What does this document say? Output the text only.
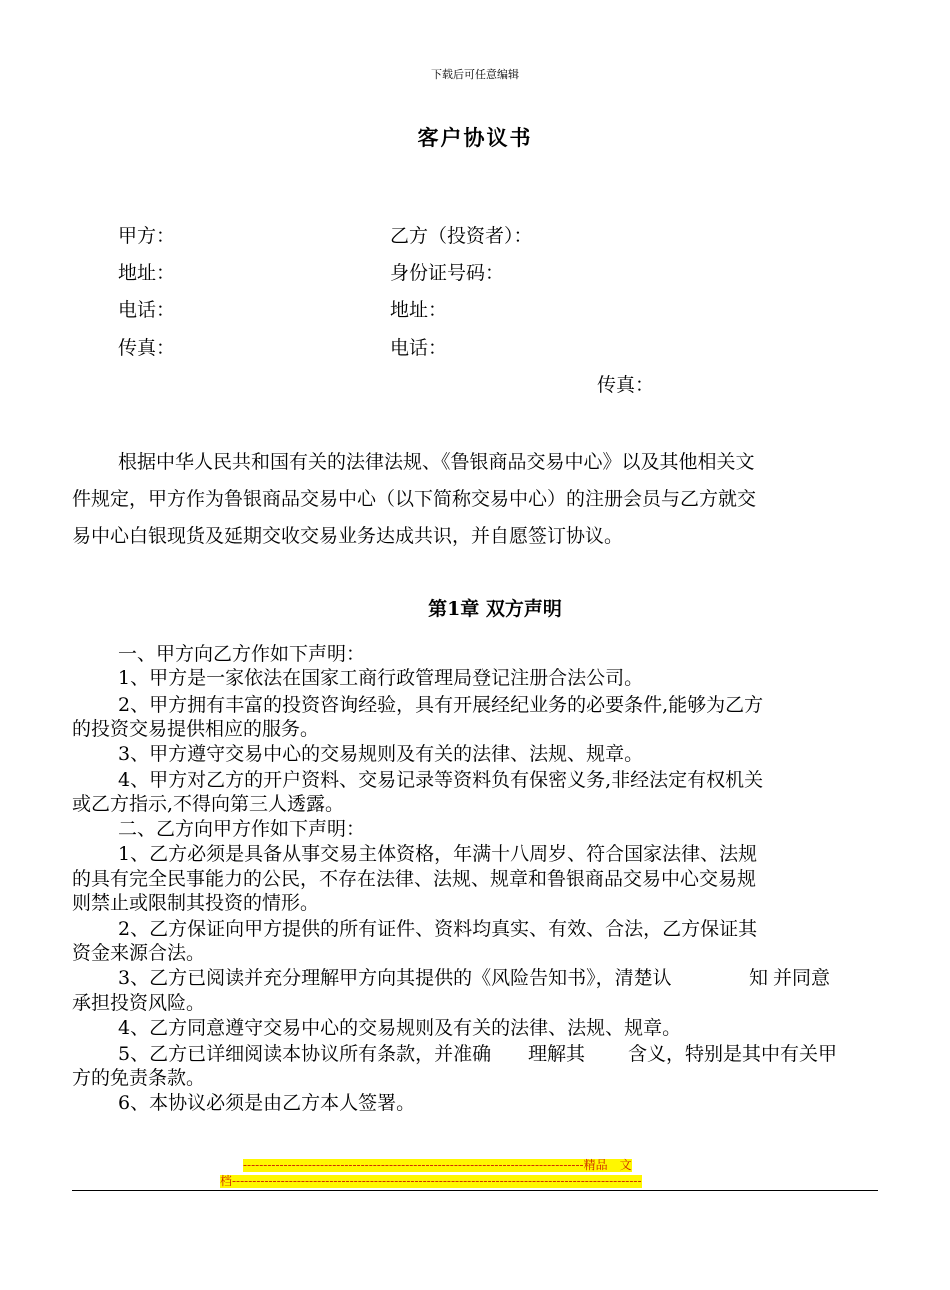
下载后可任意编辑
客户协议书
甲方：
地址：
电话：
传真：
乙方（投资者）：
身份证号码：
地址：
电话：
传真：
根据中华人民共和国有关的法律法规、《鲁银商品交易中心》以及其他相关文
件规定，甲方作为鲁银商品交易中心（以下简称交易中心）的注册会员与乙方就交
易中心白银现货及延期交收交易业务达成共识，并自愿签订协议。
第1章 双方声明
一、甲方向乙方作如下声明：
1、甲方是一家依法在国家工商行政管理局登记注册合法公司。
2、甲方拥有丰富的投资咨询经验，具有开展经纪业务的必要条件,能够为乙方
的投资交易提供相应的服务。
3、甲方遵守交易中心的交易规则及有关的法律、法规、规章。
4、甲方对乙方的开户资料、交易记录等资料负有保密义务,非经法定有权机关
或乙方指示,不得向第三人透露。
二、乙方向甲方作如下声明：
1、乙方必须是具备从事交易主体资格，年满十八周岁、符合国家法律、法规
的具有完全民事能力的公民，不存在法律、法规、规章和鲁银商品交易中心交易规
则禁止或限制其投资的情形。
2、乙方保证向甲方提供的所有证件、资料均真实、有效、合法，乙方保证其
资金来源合法。
3、乙方已阅读并充分理解甲方向其提供的《风险告知书》，清楚认	知 并同意
承担投资风险。
4、乙方同意遵守交易中心的交易规则及有关的法律、法规、规章。
5、乙方已详细阅读本协议所有条款，并准确 理解其 含义，特别是其中有关甲
方的免责条款。
6、本协议必须是由乙方本人签署。
------------------------------------------------------------------------------------精品　文
档-----------------------------------------------------------------------------------------------------
